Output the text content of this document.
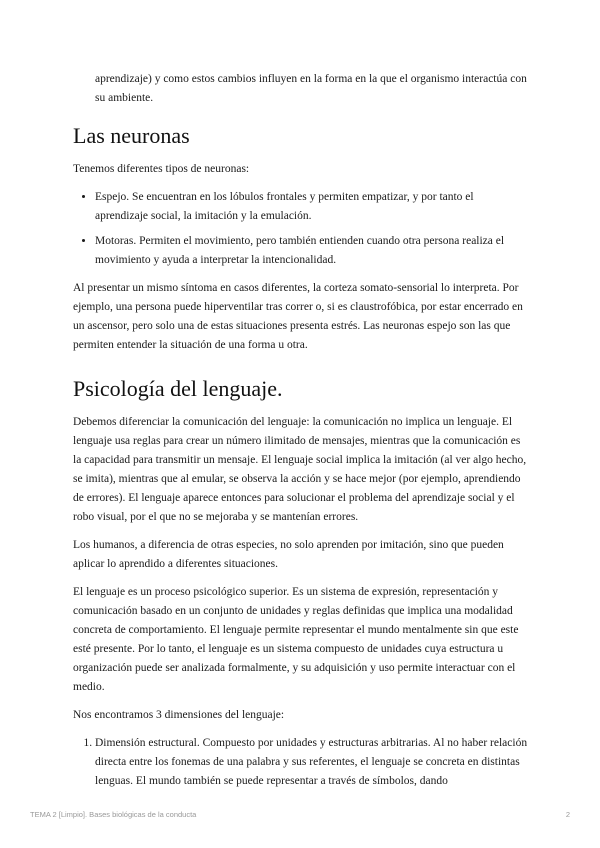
aprendizaje) y como estos cambios influyen en la forma en la que el organismo interactúa con su ambiente.

Las neuronas

Tenemos diferentes tipos de neuronas:

• Espejo. Se encuentran en los lóbulos frontales y permiten empatizar, y por tanto el aprendizaje social, la imitación y la emulación.
• Motoras. Permiten el movimiento, pero también entienden cuando otra persona realiza el movimiento y ayuda a interpretar la intencionalidad.

Al presentar un mismo síntoma en casos diferentes, la corteza somato-sensorial lo interpreta. Por ejemplo, una persona puede hiperventilar tras correr o, si es claustrofóbica, por estar encerrado en un ascensor, pero solo una de estas situaciones presenta estrés. Las neuronas espejo son las que permiten entender la situación de una forma u otra.

Psicología del lenguaje.

Debemos diferenciar la comunicación del lenguaje: la comunicación no implica un lenguaje. El lenguaje usa reglas para crear un número ilimitado de mensajes, mientras que la comunicación es la capacidad para transmitir un mensaje. El lenguaje social implica la imitación (al ver algo hecho, se imita), mientras que al emular, se observa la acción y se hace mejor (por ejemplo, aprendiendo de errores). El lenguaje aparece entonces para solucionar el problema del aprendizaje social y el robo visual, por el que no se mejoraba y se mantenían errores.

Los humanos, a diferencia de otras especies, no solo aprenden por imitación, sino que pueden aplicar lo aprendido a diferentes situaciones.

El lenguaje es un proceso psicológico superior. Es un sistema de expresión, representación y comunicación basado en un conjunto de unidades y reglas definidas que implica una modalidad concreta de comportamiento. El lenguaje permite representar el mundo mentalmente sin que este esté presente. Por lo tanto, el lenguaje es un sistema compuesto de unidades cuya estructura u organización puede ser analizada formalmente, y su adquisición y uso permite interactuar con el medio.

Nos encontramos 3 dimensiones del lenguaje:

1. Dimensión estructural. Compuesto por unidades y estructuras arbitrarias. Al no haber relación directa entre los fonemas de una palabra y sus referentes, el lenguaje se concreta en distintas lenguas. El mundo también se puede representar a través de símbolos, dando
TEMA 2 [Limpio]. Bases biológicas de la conducta	2
